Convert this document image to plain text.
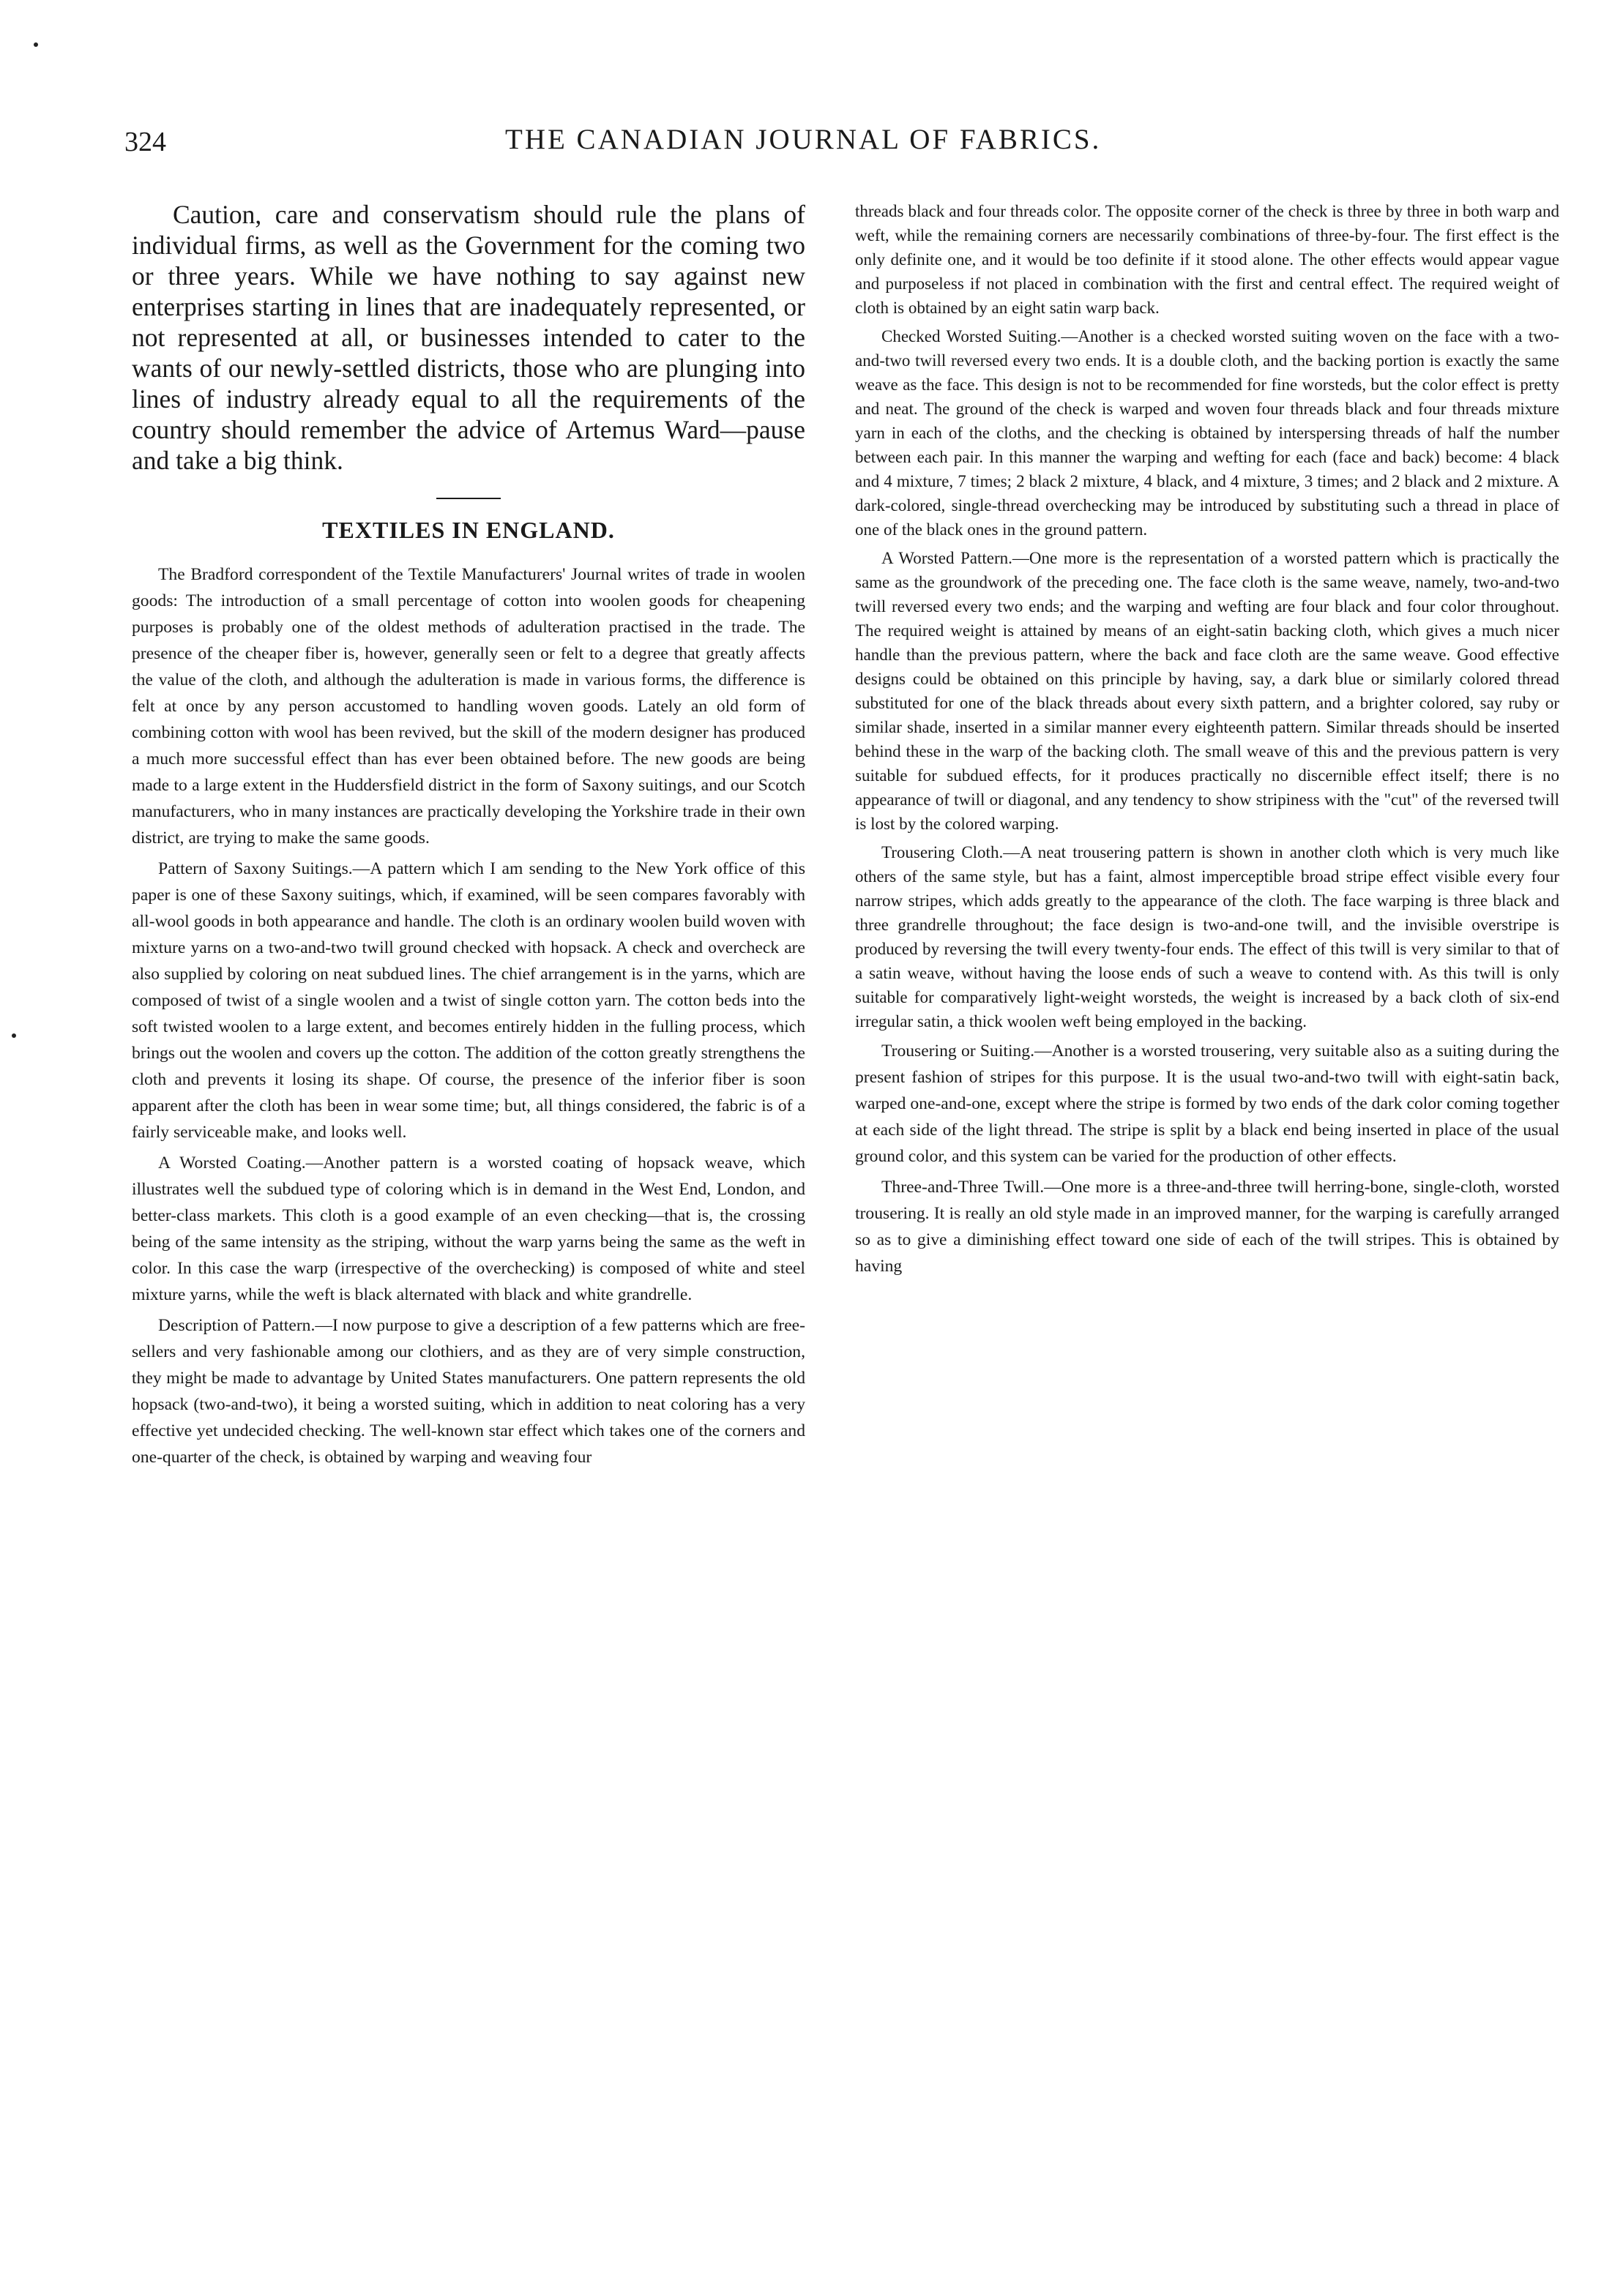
324	THE CANADIAN JOURNAL OF FABRICS.

Caution, care and conservatism should rule the plans of individual firms, as well as the Government for the coming two or three years. While we have nothing to say against new enterprises starting in lines that are inadequately represented, or not represented at all, or businesses intended to cater to the wants of our newly-settled districts, those who are plunging into lines of industry already equal to all the requirements of the country should remember the advice of Artemus Ward—pause and take a big think.

TEXTILES IN ENGLAND.

The Bradford correspondent of the Textile Manufacturers' Journal writes of trade in woolen goods: The introduction of a small percentage of cotton into woolen goods for cheapening purposes is probably one of the oldest methods of adulteration practised in the trade. The presence of the cheaper fiber is, however, generally seen or felt to a degree that greatly affects the value of the cloth, and although the adulteration is made in various forms, the difference is felt at once by any person accustomed to handling woven goods. Lately an old form of combining cotton with wool has been revived, but the skill of the modern designer has produced a much more successful effect than has ever been obtained before. The new goods are being made to a large extent in the Huddersfield district in the form of Saxony suitings, and our Scotch manufacturers, who in many instances are practically developing the Yorkshire trade in their own district, are trying to make the same goods.

Pattern of Saxony Suitings.—A pattern which I am sending to the New York office of this paper is one of these Saxony suitings, which, if examined, will be seen compares favorably with all-wool goods in both appearance and handle. The cloth is an ordinary woolen build woven with mixture yarns on a two-and-two twill ground checked with hopsack. A check and overcheck are also supplied by coloring on neat subdued lines. The chief arrangement is in the yarns, which are composed of twist of a single woolen and a twist of single cotton yarn. The cotton beds into the soft twisted woolen to a large extent, and becomes entirely hidden in the fulling process, which brings out the woolen and covers up the cotton. The addition of the cotton greatly strengthens the cloth and prevents it losing its shape. Of course, the presence of the inferior fiber is soon apparent after the cloth has been in wear some time; but, all things considered, the fabric is of a fairly serviceable make, and looks well.

A Worsted Coating.—Another pattern is a worsted coating of hopsack weave, which illustrates well the subdued type of coloring which is in demand in the West End, London, and better-class markets. This cloth is a good example of an even checking—that is, the crossing being of the same intensity as the striping, without the warp yarns being the same as the weft in color. In this case the warp (irrespective of the overchecking) is composed of white and steel mixture yarns, while the weft is black alternated with black and white grandrelle.

Description of Pattern.—I now purpose to give a description of a few patterns which are free-sellers and very fashionable among our clothiers, and as they are of very simple construction, they might be made to advantage by United States manufacturers. One pattern represents the old hopsack (two-and-two), it being a worsted suiting, which in addition to neat coloring has a very effective yet undecided checking. The well-known star effect which takes one of the corners and one-quarter of the check, is obtained by warping and weaving four

threads black and four threads color. The opposite corner of the check is three by three in both warp and weft, while the remaining corners are necessarily combinations of three-by-four. The first effect is the only definite one, and it would be too definite if it stood alone. The other effects would appear vague and purposeless if not placed in combination with the first and central effect. The required weight of cloth is obtained by an eight satin warp back.

Checked Worsted Suiting.—Another is a checked worsted suiting woven on the face with a two-and-two twill reversed every two ends. It is a double cloth, and the backing portion is exactly the same weave as the face. This design is not to be recommended for fine worsteds, but the color effect is pretty and neat. The ground of the check is warped and woven four threads black and four threads mixture yarn in each of the cloths, and the checking is obtained by interspersing threads of half the number between each pair. In this manner the warping and wefting for each (face and back) become: 4 black and 4 mixture, 7 times; 2 black 2 mixture, 4 black, and 4 mixture, 3 times; and 2 black and 2 mixture. A dark-colored, single-thread overchecking may be introduced by substituting such a thread in place of one of the black ones in the ground pattern.

A Worsted Pattern.—One more is the representation of a worsted pattern which is practically the same as the groundwork of the preceding one. The face cloth is the same weave, namely, two-and-two twill reversed every two ends; and the warping and wefting are four black and four color throughout. The required weight is attained by means of an eight-satin backing cloth, which gives a much nicer handle than the previous pattern, where the back and face cloth are the same weave. Good effective designs could be obtained on this principle by having, say, a dark blue or similarly colored thread substituted for one of the black threads about every sixth pattern, and a brighter colored, say ruby or similar shade, inserted in a similar manner every eighteenth pattern. Similar threads should be inserted behind these in the warp of the backing cloth. The small weave of this and the previous pattern is very suitable for subdued effects, for it produces practically no discernible effect itself; there is no appearance of twill or diagonal, and any tendency to show stripiness with the "cut" of the reversed twill is lost by the colored warping.

Trousering Cloth.—A neat trousering pattern is shown in another cloth which is very much like others of the same style, but has a faint, almost imperceptible broad stripe effect visible every four narrow stripes, which adds greatly to the appearance of the cloth. The face warping is three black and three grandrelle throughout; the face design is two-and-one twill, and the invisible overstripe is produced by reversing the twill every twenty-four ends. The effect of this twill is very similar to that of a satin weave, without having the loose ends of such a weave to contend with. As this twill is only suitable for comparatively light-weight worsteds, the weight is increased by a back cloth of six-end irregular satin, a thick woolen weft being employed in the backing.

Trousering or Suiting.—Another is a worsted trousering, very suitable also as a suiting during the present fashion of stripes for this purpose. It is the usual two-and-two twill with eight-satin back, warped one-and-one, except where the stripe is formed by two ends of the dark color coming together at each side of the light thread. The stripe is split by a black end being inserted in place of the usual ground color, and this system can be varied for the production of other effects.

Three-and-Three Twill.—One more is a three-and-three twill herring-bone, single-cloth, worsted trousering. It is really an old style made in an improved manner, for the warping is carefully arranged so as to give a diminishing effect toward one side of each of the twill stripes. This is obtained by having
